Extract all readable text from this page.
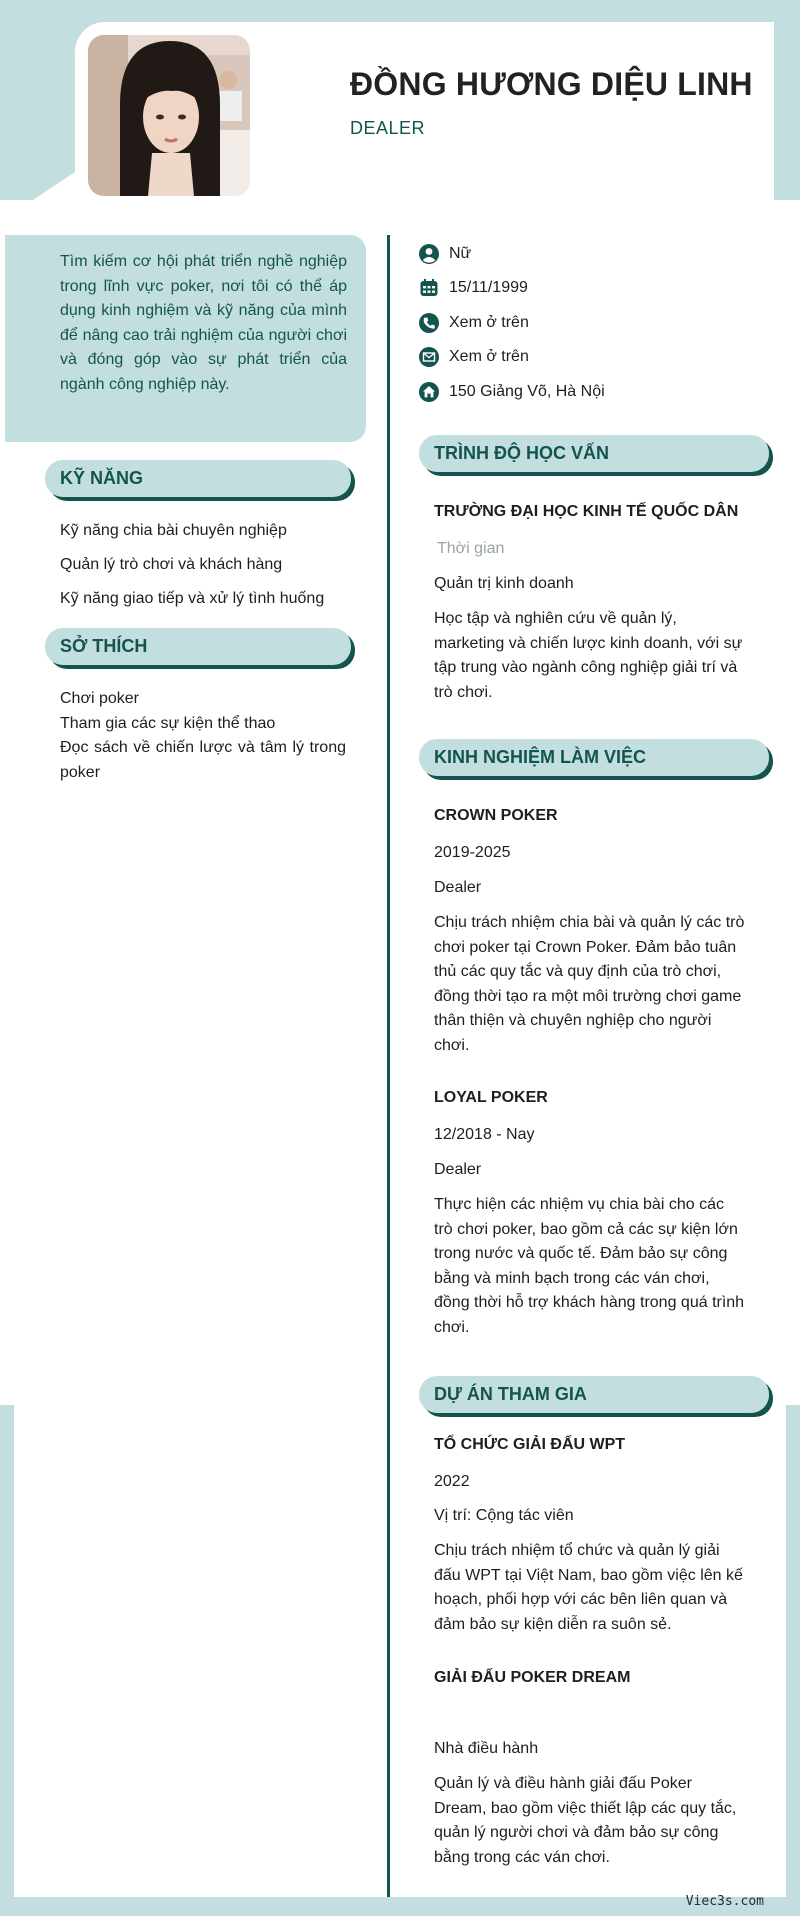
ĐỒNG HƯƠNG DIỆU LINH
DEALER

Tìm kiếm cơ hội phát triển nghề nghiệp trong lĩnh vực poker, nơi tôi có thể áp dụng kinh nghiệm và kỹ năng của mình để nâng cao trải nghiệm của người chơi và đóng góp vào sự phát triển của ngành công nghiệp này.

KỸ NĂNG
Kỹ năng chia bài chuyên nghiệp
Quản lý trò chơi và khách hàng
Kỹ năng giao tiếp và xử lý tình huống
SỞ THÍCH
Chơi poker
Tham gia các sự kiện thể thao
Đọc sách về chiến lược và tâm lý trong poker
Nữ
15/11/1999
Xem ở trên
Xem ở trên
150 Giảng Võ, Hà Nội
TRÌNH ĐỘ HỌC VẤN
TRƯỜNG ĐẠI HỌC KINH TẾ QUỐC DÂN
Thời gian
Quản trị kinh doanh
Học tập và nghiên cứu về quản lý, marketing và chiến lược kinh doanh, với sự tập trung vào ngành công nghiệp giải trí và trò chơi.
KINH NGHIỆM LÀM VIỆC
CROWN POKER
2019-2025
Dealer
Chịu trách nhiệm chia bài và quản lý các trò chơi poker tại Crown Poker. Đảm bảo tuân thủ các quy tắc và quy định của trò chơi, đồng thời tạo ra một môi trường chơi game thân thiện và chuyên nghiệp cho người chơi.
LOYAL POKER
12/2018 - Nay
Dealer
Thực hiện các nhiệm vụ chia bài cho các trò chơi poker, bao gồm cả các sự kiện lớn trong nước và quốc tế. Đảm bảo sự công bằng và minh bạch trong các ván chơi, đồng thời hỗ trợ khách hàng trong quá trình chơi.
DỰ ÁN THAM GIA
TỔ CHỨC GIẢI ĐẤU WPT
2022
Vị trí: Cộng tác viên
Chịu trách nhiệm tổ chức và quản lý giải đấu WPT tại Việt Nam, bao gồm việc lên kế hoạch, phối hợp với các bên liên quan và đảm bảo sự kiện diễn ra suôn sẻ.
GIẢI ĐẤU POKER DREAM
Nhà điều hành
Quản lý và điều hành giải đấu Poker Dream, bao gồm việc thiết lập các quy tắc, quản lý người chơi và đảm bảo sự công bằng trong các ván chơi.
Viec3s.com
